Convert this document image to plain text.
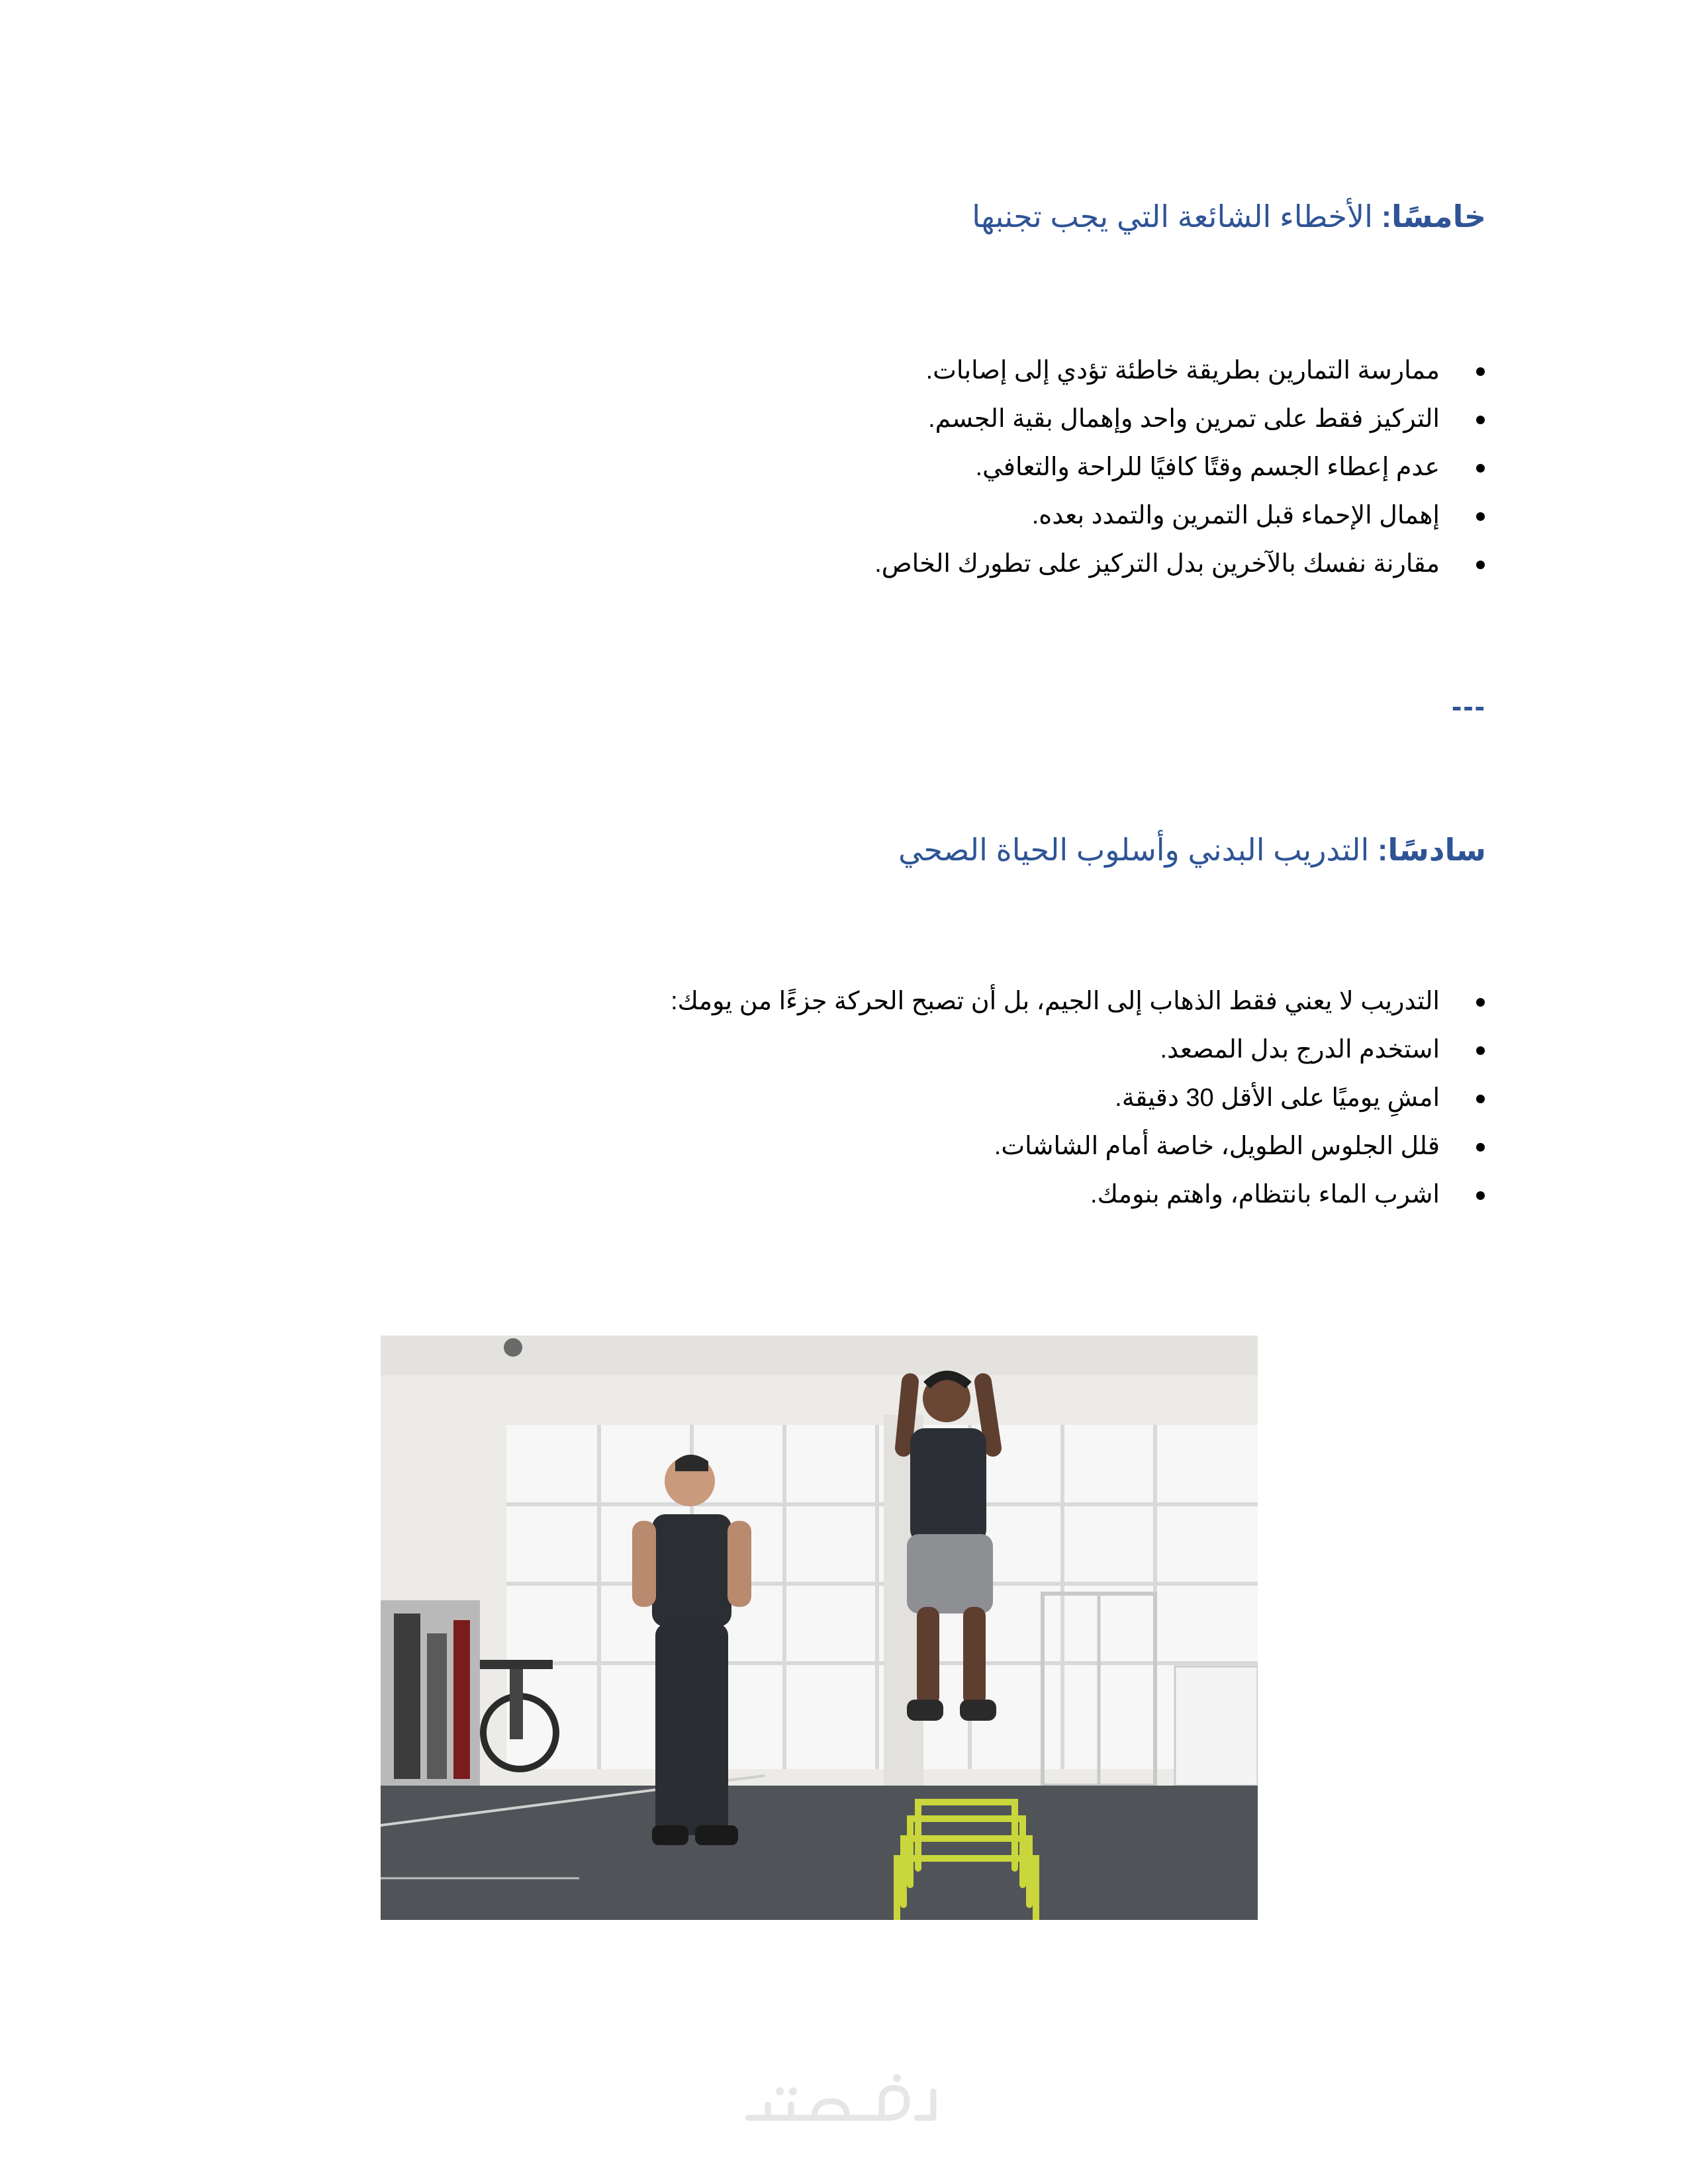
خامسًا: الأخطاء الشائعة التي يجب تجنبها
ممارسة التمارين بطريقة خاطئة تؤدي إلى إصابات.
التركيز فقط على تمرين واحد وإهمال بقية الجسم.
عدم إعطاء الجسم وقتًا كافيًا للراحة والتعافي.
إهمال الإحماء قبل التمرين والتمدد بعده.
مقارنة نفسك بالآخرين بدل التركيز على تطورك الخاص.
---
سادسًا: التدريب البدني وأسلوب الحياة الصحي
التدريب لا يعني فقط الذهاب إلى الجيم، بل أن تصبح الحركة جزءًا من يومك:
استخدم الدرج بدل المصعد.
امشِ يوميًا على الأقل 30 دقيقة.
قلل الجلوس الطويل، خاصة أمام الشاشات.
اشرب الماء بانتظام، واهتم بنومك.
